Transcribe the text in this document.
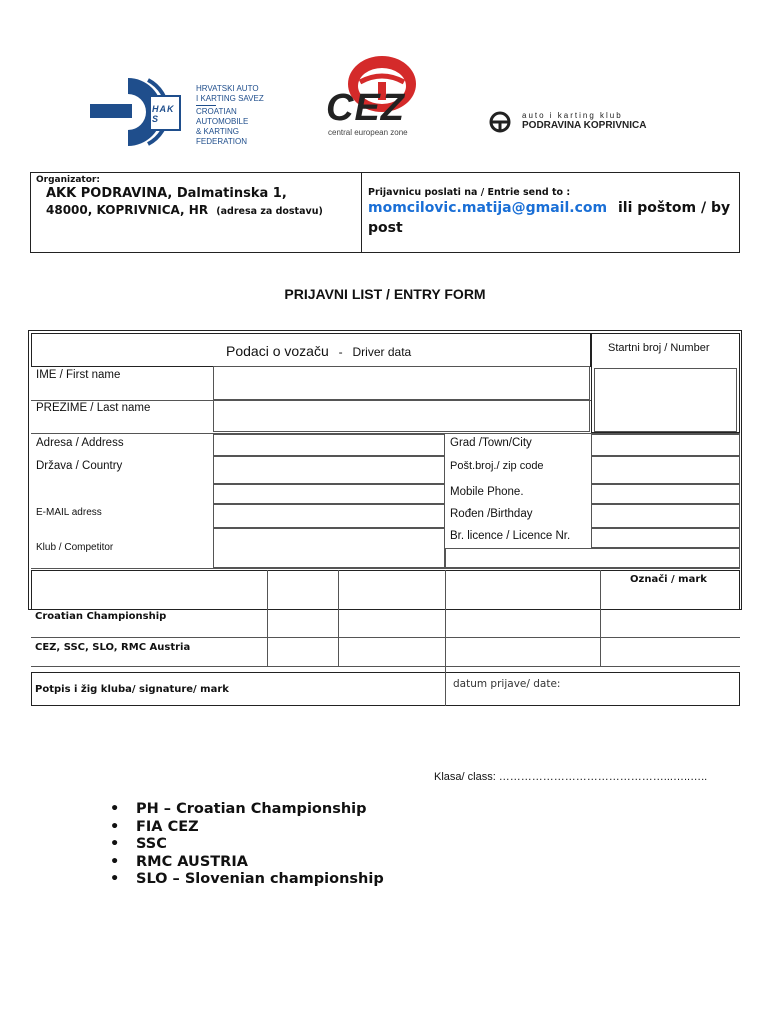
HAKS
HRVATSKI AUTO
I KARTING SAVEZ
CROATIAN AUTOMOBILE
& KARTING FEDERATION
CEZ
central european zone
auto i karting klub
PODRAVINA KOPRIVNICA
Organizator:
AKK PODRAVINA, Dalmatinska 1,
48000, KOPRIVNICA, HR (adresa za dostavu)
Prijavnicu poslati na / Entrie send to :
momcilovic.matija@gmail.com ili poštom / by
post
PRIJAVNI LIST / ENTRY FORM
Podaci o vozaču - Driver data	Startni broj / Number
IME / First name
PREZIME / Last name
Adresa / Address	Grad /Town/City
Država / Country	Pošt.broj./ zip code
Mobile Phone.
E-MAIL adress	Rođen /Birthday
Br. licence / Licence Nr.
Klub / Competitor
Označi / mark
Croatian Championship
CEZ, SSC, SLO, RMC Austria
Potpis i žig kluba/ signature/ mark	datum prijave/ date:
Klasa/ class: ………………………………………...…..…..
• PH – Croatian Championship
• FIA CEZ
• SSC
• RMC AUSTRIA
• SLO – Slovenian championship
